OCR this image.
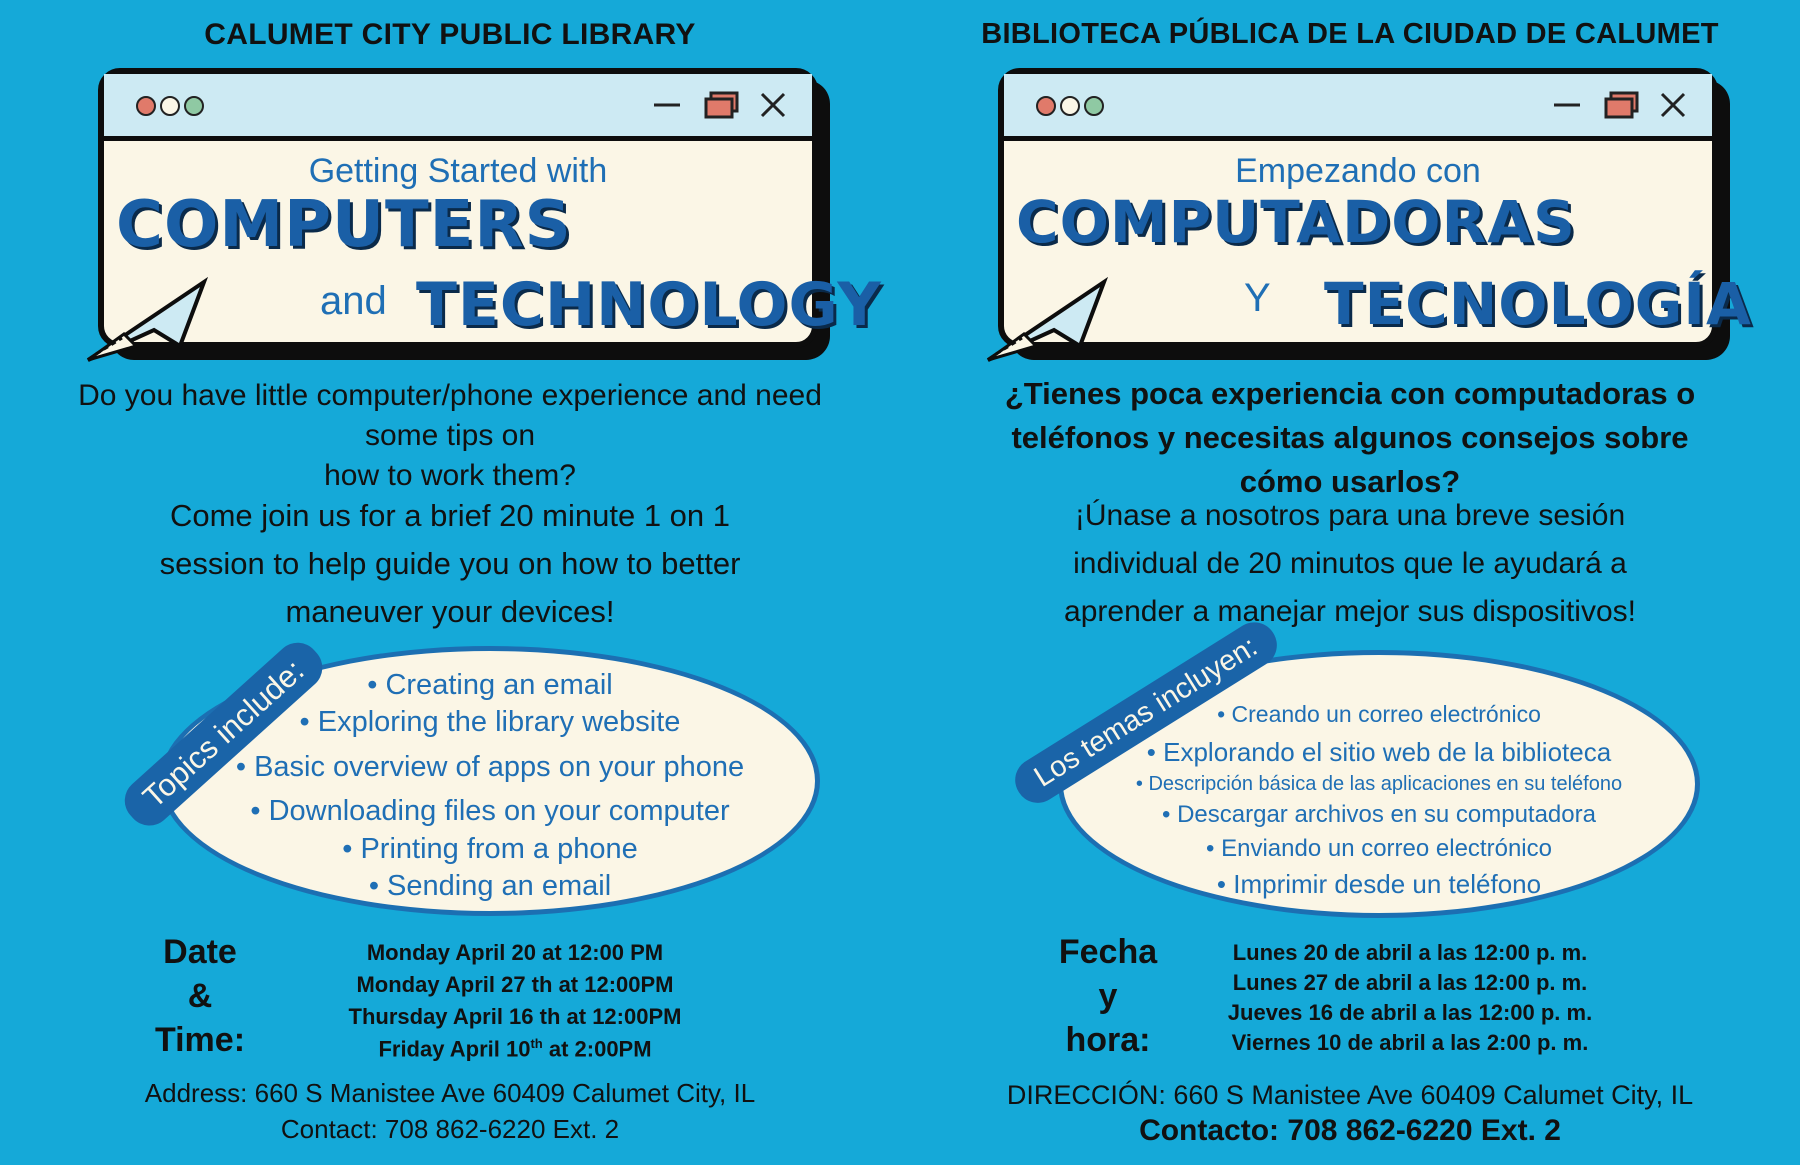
CALUMET CITY PUBLIC LIBRARY
Getting Started with
COMPUTERS
and TECHNOLOGY
Do you have little computer/phone experience and need
some tips on
how to work them?
Come join us for a brief 20 minute 1 on 1
session to help guide you on how to better
maneuver your devices!
• Creating an email
• Exploring the library website
• Basic overview of apps on your phone
• Downloading files on your computer
• Printing from a phone
• Sending an email
Topics include:
Date
&
Time:
Monday April 20 at 12:00 PM
Monday April 27 th at 12:00PM
Thursday April 16 th at 12:00PM
Friday April 10th at 2:00PM
Address: 660 S Manistee Ave 60409 Calumet City, IL
Contact: 708 862-6220 Ext. 2
BIBLIOTECA PÚBLICA DE LA CIUDAD DE CALUMET
Empezando con
COMPUTADORAS
Y TECNOLOGÍA
¿Tienes poca experiencia con computadoras o
teléfonos y necesitas algunos consejos sobre
cómo usarlos?
¡Únase a nosotros para una breve sesión
individual de 20 minutos que le ayudará a
aprender a manejar mejor sus dispositivos!
• Creando un correo electrónico
• Explorando el sitio web de la biblioteca
• Descripción básica de las aplicaciones en su teléfono
• Descargar archivos en su computadora
• Enviando un correo electrónico
• Imprimir desde un teléfono
Los temas incluyen:
Fecha
y
hora:
Lunes 20 de abril a las 12:00 p. m.
Lunes 27 de abril a las 12:00 p. m.
Jueves 16 de abril a las 12:00 p. m.
Viernes 10 de abril a las 2:00 p. m.
DIRECCIÓN: 660 S Manistee Ave 60409 Calumet City, IL
Contacto: 708 862-6220 Ext. 2
